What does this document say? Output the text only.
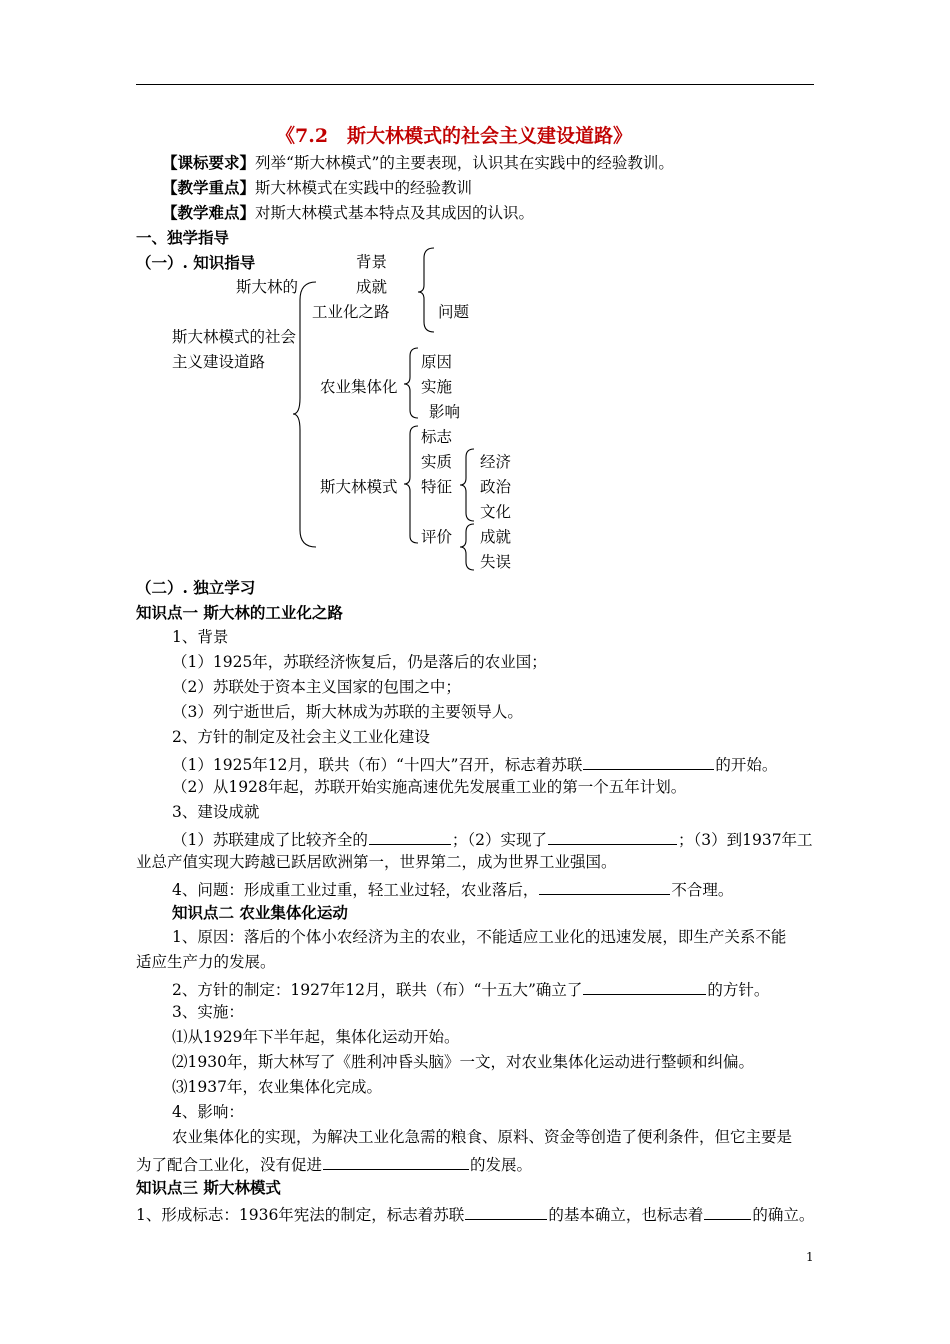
《7.2　斯大林模式的社会主义建设道路》
【课标要求】列举“斯大林模式”的主要表现，认识其在实践中的经验教训。
【教学重点】斯大林模式在实践中的经验教训
【教学难点】对斯大林模式基本特点及其成因的认识。
一、独学指导
（一）. 知识指导
斯大林模式的社会
主义建设道路
斯大林的
工业化之路
背景
成就
问题
农业集体化
原因
实施
影响
斯大林模式
标志
实质
特征
评价
经济
政治
文化
成就
失误
（二）. 独立学习
知识点一 斯大林的工业化之路
1、背景
（1）1925年，苏联经济恢复后，仍是落后的农业国；
（2）苏联处于资本主义国家的包围之中；
（3）列宁逝世后，斯大林成为苏联的主要领导人。
2、方针的制定及社会主义工业化建设
（1）1925年12月，联共（布）“十四大”召开，标志着苏联	的开始。
（2）从1928年起，苏联开始实施高速优先发展重工业的第一个五年计划。
3、建设成就
（1）苏联建成了比较齐全的	；（2）实现了	；（3）到1937年工
业总产值实现大跨越已跃居欧洲第一，世界第二，成为世界工业强国。
4、问题：形成重工业过重，轻工业过轻，农业落后，	不合理。
知识点二 农业集体化运动
1、原因：落后的个体小农经济为主的农业，不能适应工业化的迅速发展，即生产关系不能
适应生产力的发展。
2、方针的制定：1927年12月，联共（布）“十五大”确立了	的方针。
3、实施：
⑴从1929年下半年起，集体化运动开始。
⑵1930年，斯大林写了《胜利冲昏头脑》一文，对农业集体化运动进行整顿和纠偏。
⑶1937年，农业集体化完成。
4、影响：
农业集体化的实现，为解决工业化急需的粮食、原料、资金等创造了便利条件，但它主要是
为了配合工业化，没有促进	的发展。
知识点三 斯大林模式
1、形成标志：1936年宪法的制定，标志着苏联	的基本确立，也标志着	的确立。
1
